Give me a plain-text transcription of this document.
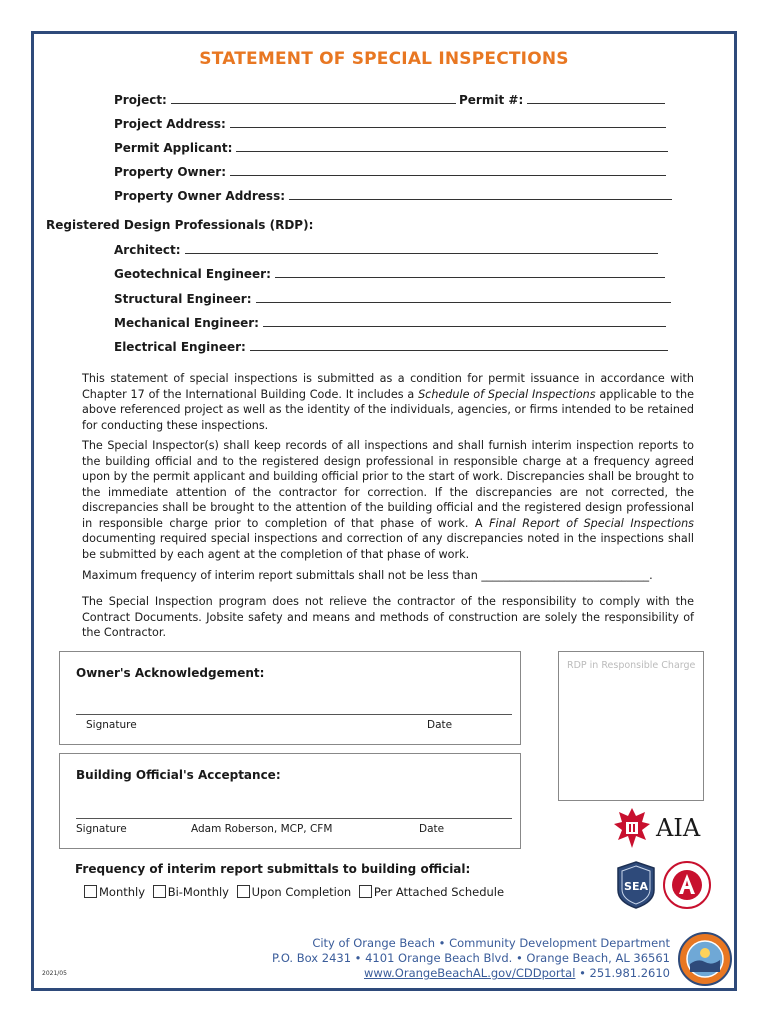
STATEMENT OF SPECIAL INSPECTIONS
Project:	Permit #:
Project Address:
Permit Applicant:
Property Owner:
Property Owner Address:
Registered Design Professionals (RDP):
Architect:
Geotechnical Engineer:
Structural Engineer:
Mechanical Engineer:
Electrical Engineer:
This statement of special inspections is submitted as a condition for permit issuance in accordance with Chapter 17 of the International Building Code. It includes a Schedule of Special Inspections applicable to the above referenced project as well as the identity of the individuals, agencies, or firms intended to be retained for conducting these inspections.
The Special Inspector(s) shall keep records of all inspections and shall furnish interim inspection reports to the building official and to the registered design professional in responsible charge at a frequency agreed upon by the permit applicant and building official prior to the start of work. Discrepancies shall be brought to the immediate attention of the contractor for correction. If the discrepancies are not corrected, the discrepancies shall be brought to the attention of the building official and the registered design professional in responsible charge prior to completion of that phase of work. A Final Report of Special Inspections documenting required special inspections and correction of any discrepancies noted in the inspections shall be submitted by each agent at the completion of that phase of work.
Maximum frequency of interim report submittals shall not be less than ______________________________.
The Special Inspection program does not relieve the contractor of the responsibility to comply with the Contract Documents. Jobsite safety and means and methods of construction are solely the responsibility of the Contractor.
Owner's Acknowledgement:
Signature	Date
RDP in Responsible Charge
Building Official's Acceptance:
Signature	Adam Roberson, MCP, CFM	Date
Frequency of interim report submittals to building official:
Monthly Bi-Monthly Upon Completion Per Attached Schedule
AIA
SEA
City of Orange Beach • Community Development Department
P.O. Box 2431 • 4101 Orange Beach Blvd. • Orange Beach, AL 36561
www.OrangeBeachAL.gov/CDDportal • 251.981.2610
2021/05
